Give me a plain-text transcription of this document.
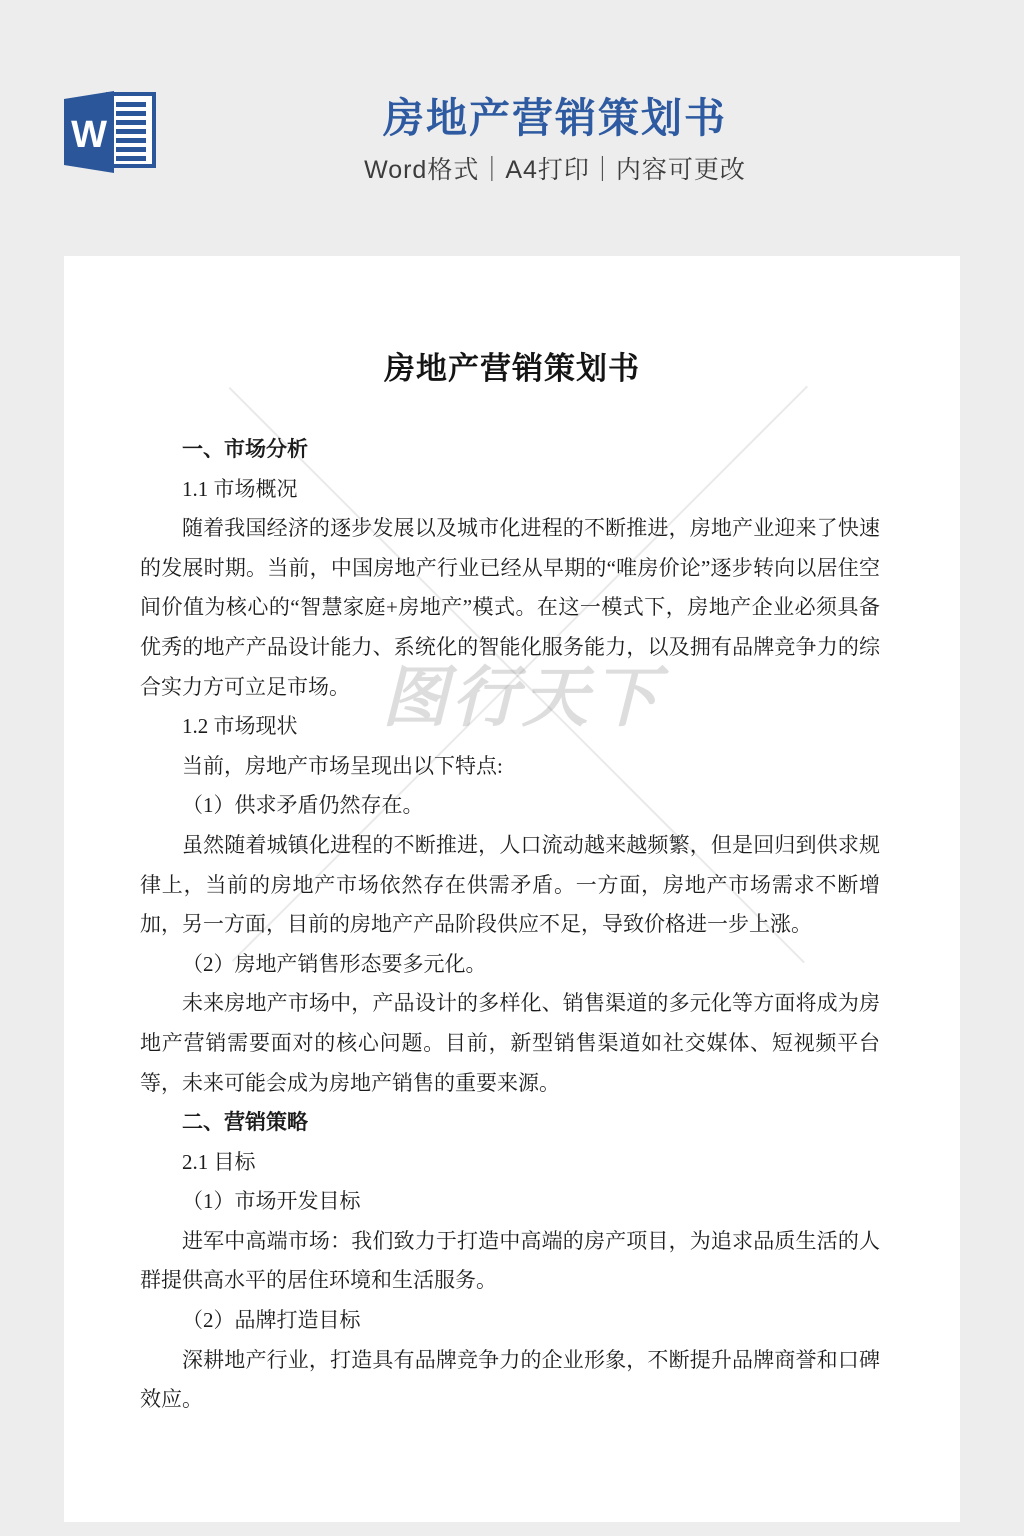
W	房地产营销策划书
Word格式｜A4打印｜内容可更改
图行天下
房地产营销策划书

一、市场分析

1.1 市场概况

随着我国经济的逐步发展以及城市化进程的不断推进，房地产业迎来了快速的发展时期。当前，中国房地产行业已经从早期的“唯房价论”逐步转向以居住空间价值为核心的“智慧家庭+房地产”模式。在这一模式下，房地产企业必须具备优秀的地产产品设计能力、系统化的智能化服务能力，以及拥有品牌竞争力的综合实力方可立足市场。

1.2 市场现状

当前，房地产市场呈现出以下特点:

（1）供求矛盾仍然存在。

虽然随着城镇化进程的不断推进，人口流动越来越频繁，但是回归到供求规律上，当前的房地产市场依然存在供需矛盾。一方面，房地产市场需求不断增加，另一方面，目前的房地产产品阶段供应不足，导致价格进一步上涨。

（2）房地产销售形态要多元化。

未来房地产市场中，产品设计的多样化、销售渠道的多元化等方面将成为房地产营销需要面对的核心问题。目前，新型销售渠道如社交媒体、短视频平台等，未来可能会成为房地产销售的重要来源。

二、营销策略

2.1 目标

（1）市场开发目标

进军中高端市场：我们致力于打造中高端的房产项目，为追求品质生活的人群提供高水平的居住环境和生活服务。

（2）品牌打造目标

深耕地产行业，打造具有品牌竞争力的企业形象，不断提升品牌商誉和口碑效应。
